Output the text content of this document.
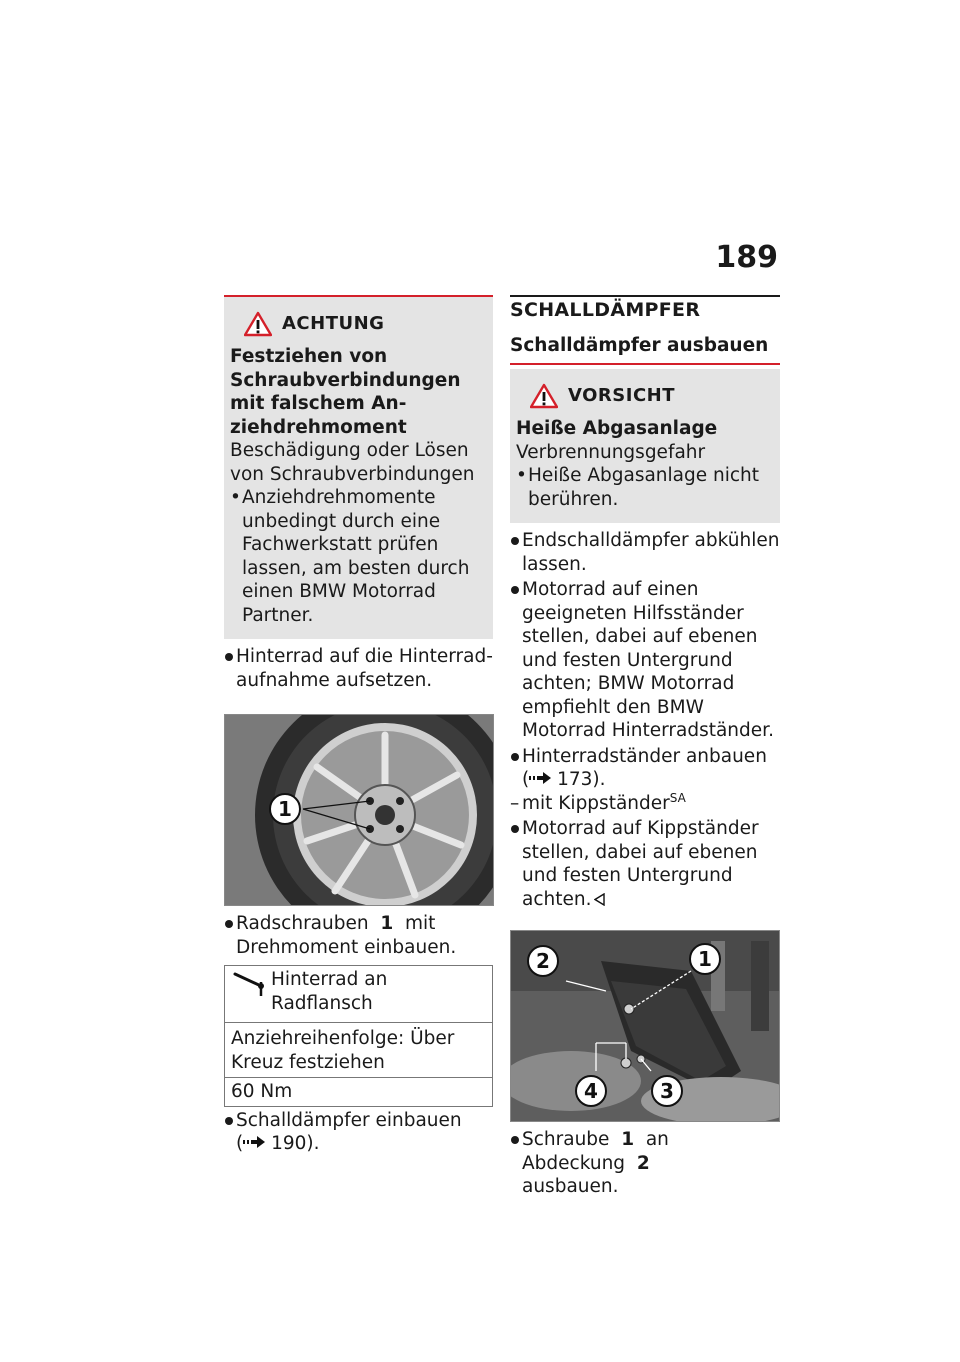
189
ACHTUNG
Festziehen von Schraubverbindungen mit falschem Anziehdrehmoment
Beschädigung oder Lösen von Schraubverbindungen
• Anziehdrehmomente unbedingt durch eine Fachwerkstatt prüfen lassen, am besten durch einen BMW Motorrad Partner.
Hinterrad auf die Hinterradaufnahme aufsetzen.
1
Radschrauben 1 mit Drehmoment einbauen.
Hinterrad an Radflansch
Anziehreihenfolge: Über Kreuz festziehen
60 Nm
Schalldämpfer einbauen
( 190).
SCHALLDÄMPFER
Schalldämpfer ausbauen
VORSICHT
Heiße Abgasanlage
Verbrennungsgefahr
• Heiße Abgasanlage nicht berühren.
Endschalldämpfer abkühlen lassen.
Motorrad auf einen geeigneten Hilfsständer stellen, dabei auf ebenen und festen Untergrund achten; BMW Motorrad empfiehlt den BMW Motorrad Hinterradständer.
Hinterradständer anbauen
( 173).
– mit Kippständer$^{SA}$
Motorrad auf Kippständer stellen, dabei auf ebenen und festen Untergrund achten.
1
2
3
4
Schraube 1 an Abdeckung 2
ausbauen.
